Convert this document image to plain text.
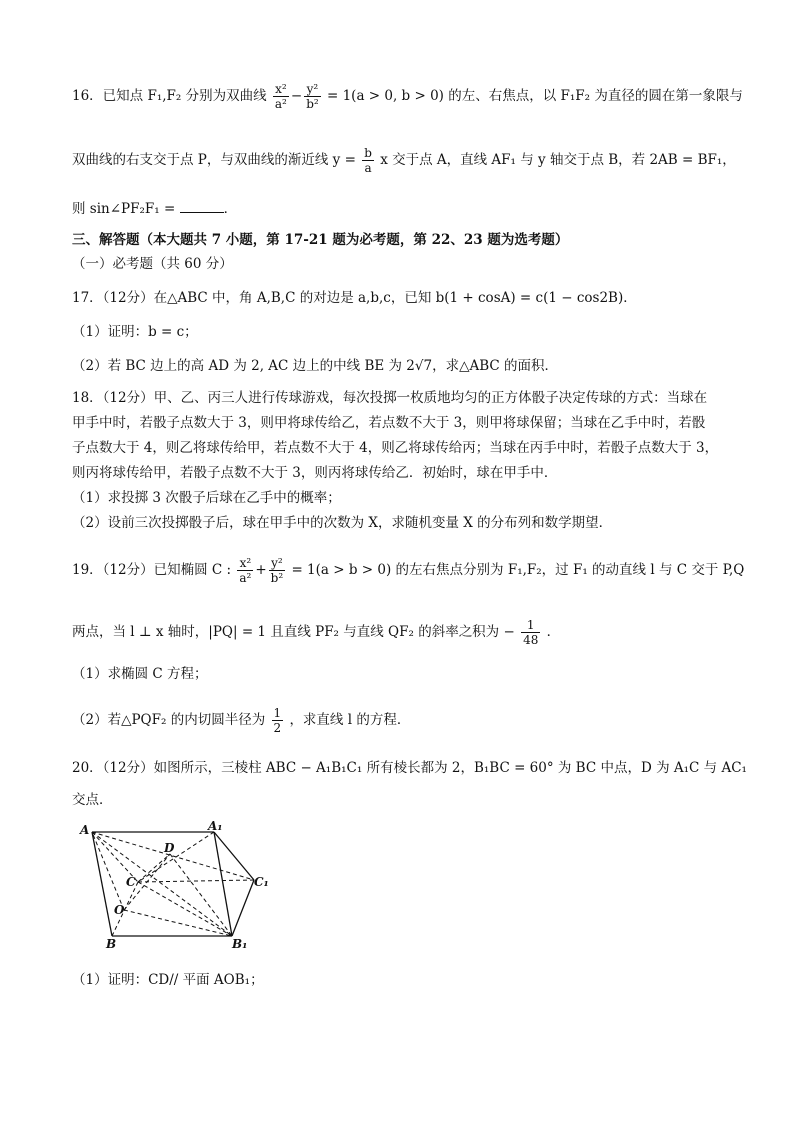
16．已知点 F₁,F₂ 分别为双曲线 $\frac{\text{x²}}{\text{a²}} - \frac{\text{y²}}{\text{b²}} = 1(a > 0$, b > 0) 的左、右焦点，以 F₁F₂ 为直径的圆在第一象限与
双曲线的右支交于点 P，与双曲线的渐近线 $y = \frac{b}{a}$ x 交于点 A，直线 AF₁ 与 y 轴交于点 B，若 2AB = BF₁，
则 sin∠PF₂F₁ =	．
三、解答题（本大题共 7 小题，第 17-21 题为必考题，第 22、23 题为选考题）
（一）必考题（共 60 分）
17．（12分）在△ABC 中，角 A,B,C 的对边是 a,b,c，已知 b(1 + cosA) = c(1 − cos2B)．
（1）证明：b = c；
（2）若 BC 边上的高 AD 为 2, AC 边上的中线 BE 为 2√7，求△ABC 的面积．
18．（12分）甲、乙、丙三人进行传球游戏，每次投掷一枚质地均匀的正方体骰子决定传球的方式：当球在
甲手中时，若骰子点数大于 3，则甲将球传给乙，若点数不大于 3，则甲将球保留；当球在乙手中时，若骰
子点数大于 4，则乙将球传给甲，若点数不大于 4，则乙将球传给丙；当球在丙手中时，若骰子点数大于 3，
则丙将球传给甲，若骰子点数不大于 3，则丙将球传给乙．初始时，球在甲手中．
（1）求投掷 3 次骰子后球在乙手中的概率；
（2）设前三次投掷骰子后，球在甲手中的次数为 X，求随机变量 X 的分布列和数学期望．
19．（12分）已知椭圆 C : $\frac{\text{x²}}{\text{a²}} + \frac{\text{y²}}{\text{b²}} = 1(a > b > 0)$ 的左右焦点分别为 F₁,F₂，过 F₁ 的动直线 l 与 C 交于 P,Q
两点，当 l ⊥ x 轴时，|PQ| = 1 且直线 PF₂ 与直线 QF₂ 的斜率之积为 − $\frac{1}{48}$ ．
（1）求椭圆 C 方程；
（2）若△PQF₂ 的内切圆半径为 $\frac{1}{2}$ ，求直线 l 的方程．
20．（12分）如图所示，三棱柱 ABC − A₁B₁C₁ 所有棱长都为 2，B₁BC = 60° 为 BC 中点，D 为 A₁C 与 AC₁
交点．
A	A₁
D
C	C₁
O
B	B₁
（1）证明：CD// 平面 AOB₁；
